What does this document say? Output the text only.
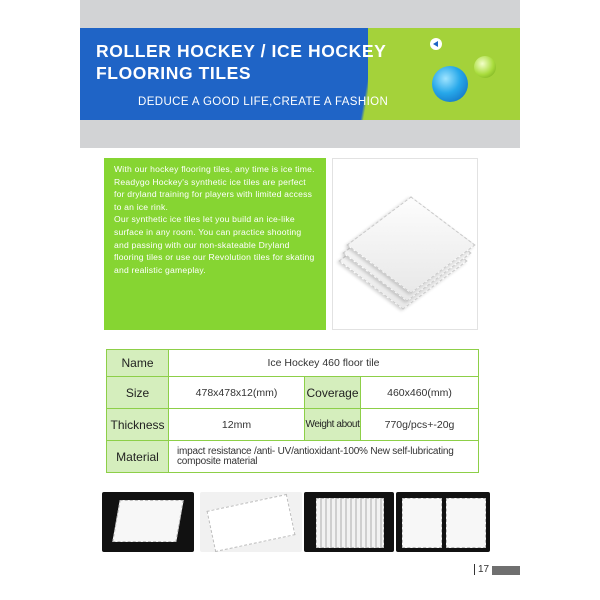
ROLLER HOCKEY / ICE HOCKEY
FLOORING TILES
DEDUCE A GOOD LIFE,CREATE A FASHION

With our hockey flooring tiles, any time is ice time. Readygo Hockey's synthetic ice tiles are perfect for dryland training for players with limited access to an ice rink.

Our synthetic ice tiles let you build an ice-like surface in any room. You can practice shooting and passing with our non-skateable Dryland flooring tiles or use our Revolution tiles for skating and realistic gameplay.

Name	Ice Hockey 460 floor tile		
Size	478x478x12(mm)	Coverage	460x460(mm)
Thickness	12mm	Weight about	770g/pcs+-20g
Material	impact resistance /anti- UV/antioxidant-100% New self-lubricating composite material		
17
